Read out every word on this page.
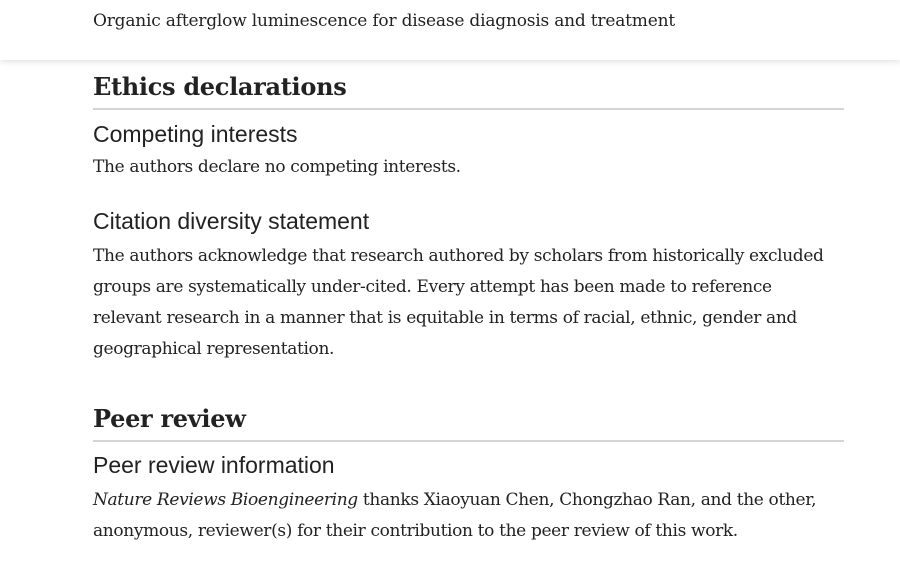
Organic afterglow luminescence for disease diagnosis and treatment
Ethics declarations
Competing interests

The authors declare no competing interests.

Citation diversity statement

The authors acknowledge that research authored by scholars from historically excluded groups are systematically under-cited. Every attempt has been made to reference relevant research in a manner that is equitable in terms of racial, ethnic, gender and geographical representation.

Peer review
Peer review information

Nature Reviews Bioengineering thanks Xiaoyuan Chen, Chongzhao Ran, and the other, anonymous, reviewer(s) for their contribution to the peer review of this work.
